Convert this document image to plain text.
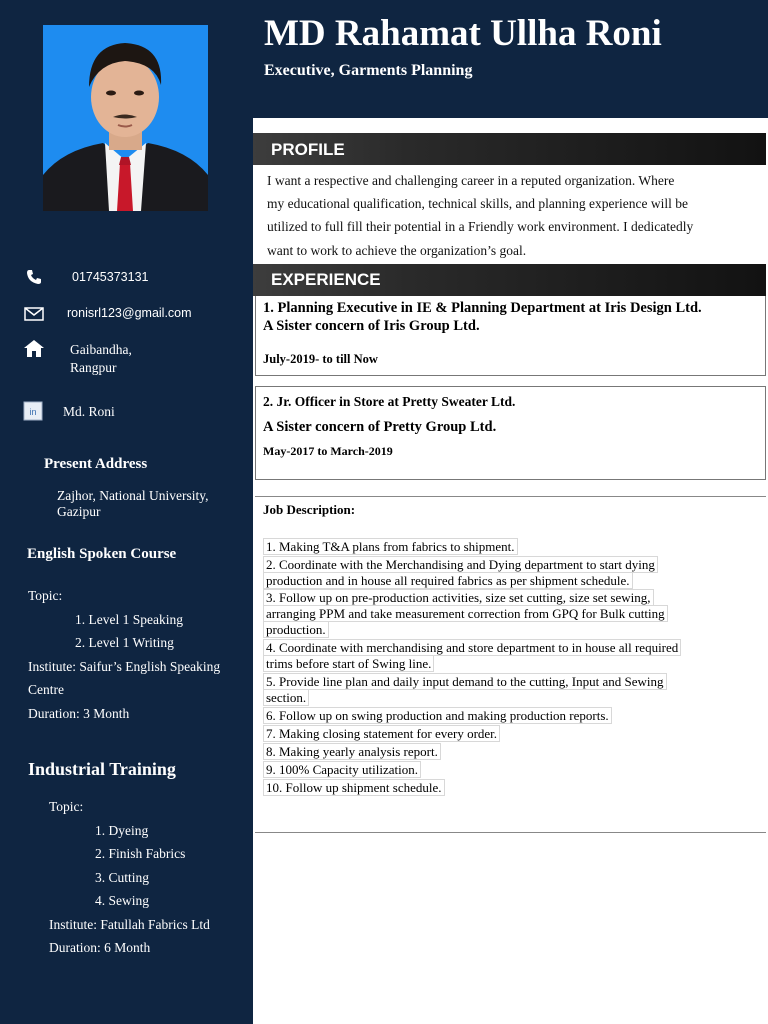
01745373131
ronisrl123@gmail.com
Gaibandha,
Rangpur
in Md. Roni
Present Address
Zajhor, National University,
Gazipur
English Spoken Course
Topic:
1. Level 1 Speaking
2. Level 1 Writing
Institute: Saifur’s English Speaking
Centre
Duration: 3 Month
Industrial Training
Topic:
1. Dyeing
2. Finish Fabrics
3. Cutting
4. Sewing
Institute: Fatullah Fabrics Ltd
Duration: 6 Month
MD Rahamat Ullha Roni
Executive, Garments Planning
PROFILE
I want a respective and challenging career in a reputed organization. Where
my educational qualification, technical skills, and planning experience will be
utilized to full fill their potential in a Friendly work environment. I dedicatedly
want to work to achieve the organization’s goal.
EXPERIENCE
1. Planning Executive in IE & Planning Department at Iris Design Ltd.
A Sister concern of Iris Group Ltd.
July-2019- to till Now
2. Jr. Officer in Store at Pretty Sweater Ltd.
A Sister concern of Pretty Group Ltd.
May-2017 to March-2019
Job Description:
1. Making T&A plans from fabrics to shipment.
2. Coordinate with the Merchandising and Dying department to start dying
production and in house all required fabrics as per shipment schedule.
3. Follow up on pre-production activities, size set cutting, size set sewing,
arranging PPM and take measurement correction from GPQ for Bulk cutting
production.
4. Coordinate with merchandising and store department to in house all required
trims before start of Swing line.
5. Provide line plan and daily input demand to the cutting, Input and Sewing
section.
6. Follow up on swing production and making production reports.
7. Making closing statement for every order.
8. Making yearly analysis report.
9. 100% Capacity utilization.
10. Follow up shipment schedule.
